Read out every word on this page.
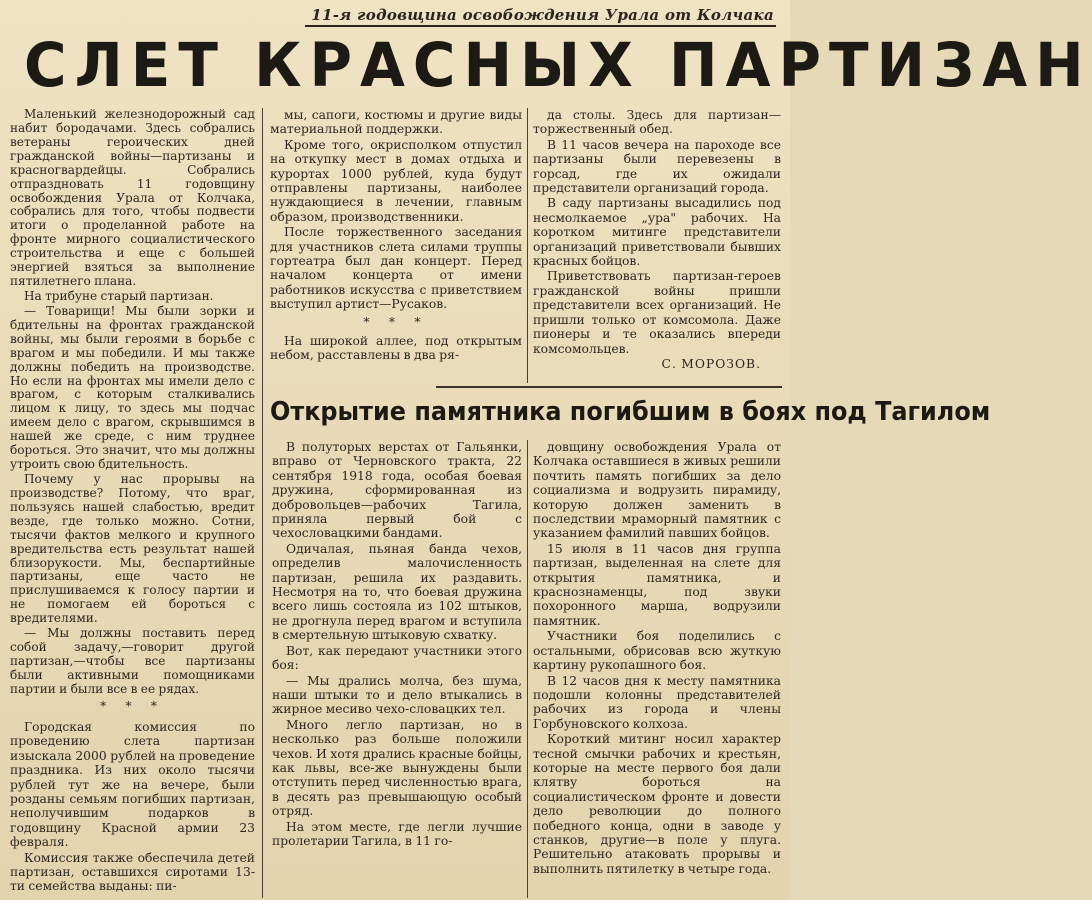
11-я годовщина освобождения Урала от Колчака
СЛЕТ КРАСНЫХ ПАРТИЗАН

Маленький железнодорожный сад набит бородачами. Здесь собрались ветераны героических дней гражданской войны—партизаны и красногвардейцы. Собрались отпраздновать 11 годовщину освобождения Урала от Колчака, собрались для того, чтобы подвести итоги о проделанной работе на фронте мирного социалистического строительства и еще с большей энергией взяться за выполнение пятилетнего плана.

На трибуне старый партизан.

— Товарищи! Мы были зорки и бдительны на фронтах гражданской войны, мы были героями в борьбе с врагом и мы победили. И мы также должны победить на производстве. Но если на фронтах мы имели дело с врагом, с которым сталкивались лицом к лицу, то здесь мы подчас имеем дело с врагом, скрывшимся в нашей же среде, с ним труднее бороться. Это значит, что мы должны утроить свою бдительность.

Почему у нас прорывы на производстве? Потому, что враг, пользуясь нашей слабостью, вредит везде, где только можно. Сотни, тысячи фактов мелкого и крупного вредительства есть результат нашей близорукости. Мы, беспартийные партизаны, еще часто не прислушиваемся к голосу партии и не помогаем ей бороться с вредителями.

— Мы должны поставить перед собой задачу,—говорит другой партизан,—чтобы все партизаны были активными помощниками партии и были все в ее рядах.

* * *

Городская комиссия по проведению слета партизан изыскала 2000 рублей на проведение праздника. Из них около тысячи рублей тут же на вечере, были розданы семьям погибших партизан, неполучившим подарков в годовщину Красной армии 23 февраля.

Комиссия также обеспечила детей партизан, оставшихся сиротами 13-ти семейства выданы: пи-

мы, сапоги, костюмы и другие виды материальной поддержки.

Кроме того, окрисполком отпустил на откупку мест в домах отдыха и курортах 1000 рублей, куда будут отправлены партизаны, наиболее нуждающиеся в лечении, главным образом, производственники.

После торжественного заседания для участников слета силами труппы гортеатра был дан концерт. Перед началом концерта от имени работников искусства с приветствием выступил артист—Русаков.

* * *

На широкой аллее, под открытым небом, расставлены в два ря-

да столы. Здесь для партизан—торжественный обед.

В 11 часов вечера на пароходе все партизаны были перевезены в горсад, где их ожидали представители организаций города.

В саду партизаны высадились под несмолкаемое „ура" рабочих. На коротком митинге представители организаций приветствовали бывших красных бойцов.

Приветствовать партизан-героев гражданской войны пришли представители всех организаций. Не пришли только от комсомола. Даже пионеры и те оказались впереди комсомольцев.

С. МОРОЗОВ.

Открытие памятника погибшим в боях под Тагилом

В полуторых верстах от Гальянки, вправо от Черновского тракта, 22 сентября 1918 года, особая боевая дружина, сформированная из добровольцев—рабочих Тагила, приняла первый бой с чехословацкими бандами.

Одичалая, пьяная банда чехов, определив малочисленность партизан, решила их раздавить. Несмотря на то, что боевая дружина всего лишь состояла из 102 штыков, не дрогнула перед врагом и вступила в смертельную штыковую схватку.

Вот, как передают участники этого боя:

— Мы дрались молча, без шума, наши штыки то и дело втыкались в жирное месиво чехо-словацких тел.

Много легло партизан, но в несколько раз больше положили чехов. И хотя дрались красные бойцы, как львы, все-же вынуждены были отступить перед численностью врага, в десять раз превышающую особый отряд.

На этом месте, где легли лучшие пролетарии Тагила, в 11 го-

довщину освобождения Урала от Колчака оставшиеся в живых решили почтить память погибших за дело социализма и водрузить пирамиду, которую должен заменить в последствии мраморный памятник с указанием фамилий павших бойцов.

15 июля в 11 часов дня группа партизан, выделенная на слете для открытия памятника, и краснознаменцы, под звуки похоронного марша, водрузили памятник.

Участники боя поделились с остальными, обрисовав всю жуткую картину рукопашного боя.

В 12 часов дня к месту памятника подошли колонны представителей рабочих из города и члены Горбуновского колхоза.

Короткий митинг носил характер тесной смычки рабочих и крестьян, которые на месте первого боя дали клятву бороться на социалистическом фронте и довести дело революции до полного победного конца, одни в заводе у станков, другие—в поле у плуга. Решительно атаковать прорывы и выполнить пятилетку в четыре года.
